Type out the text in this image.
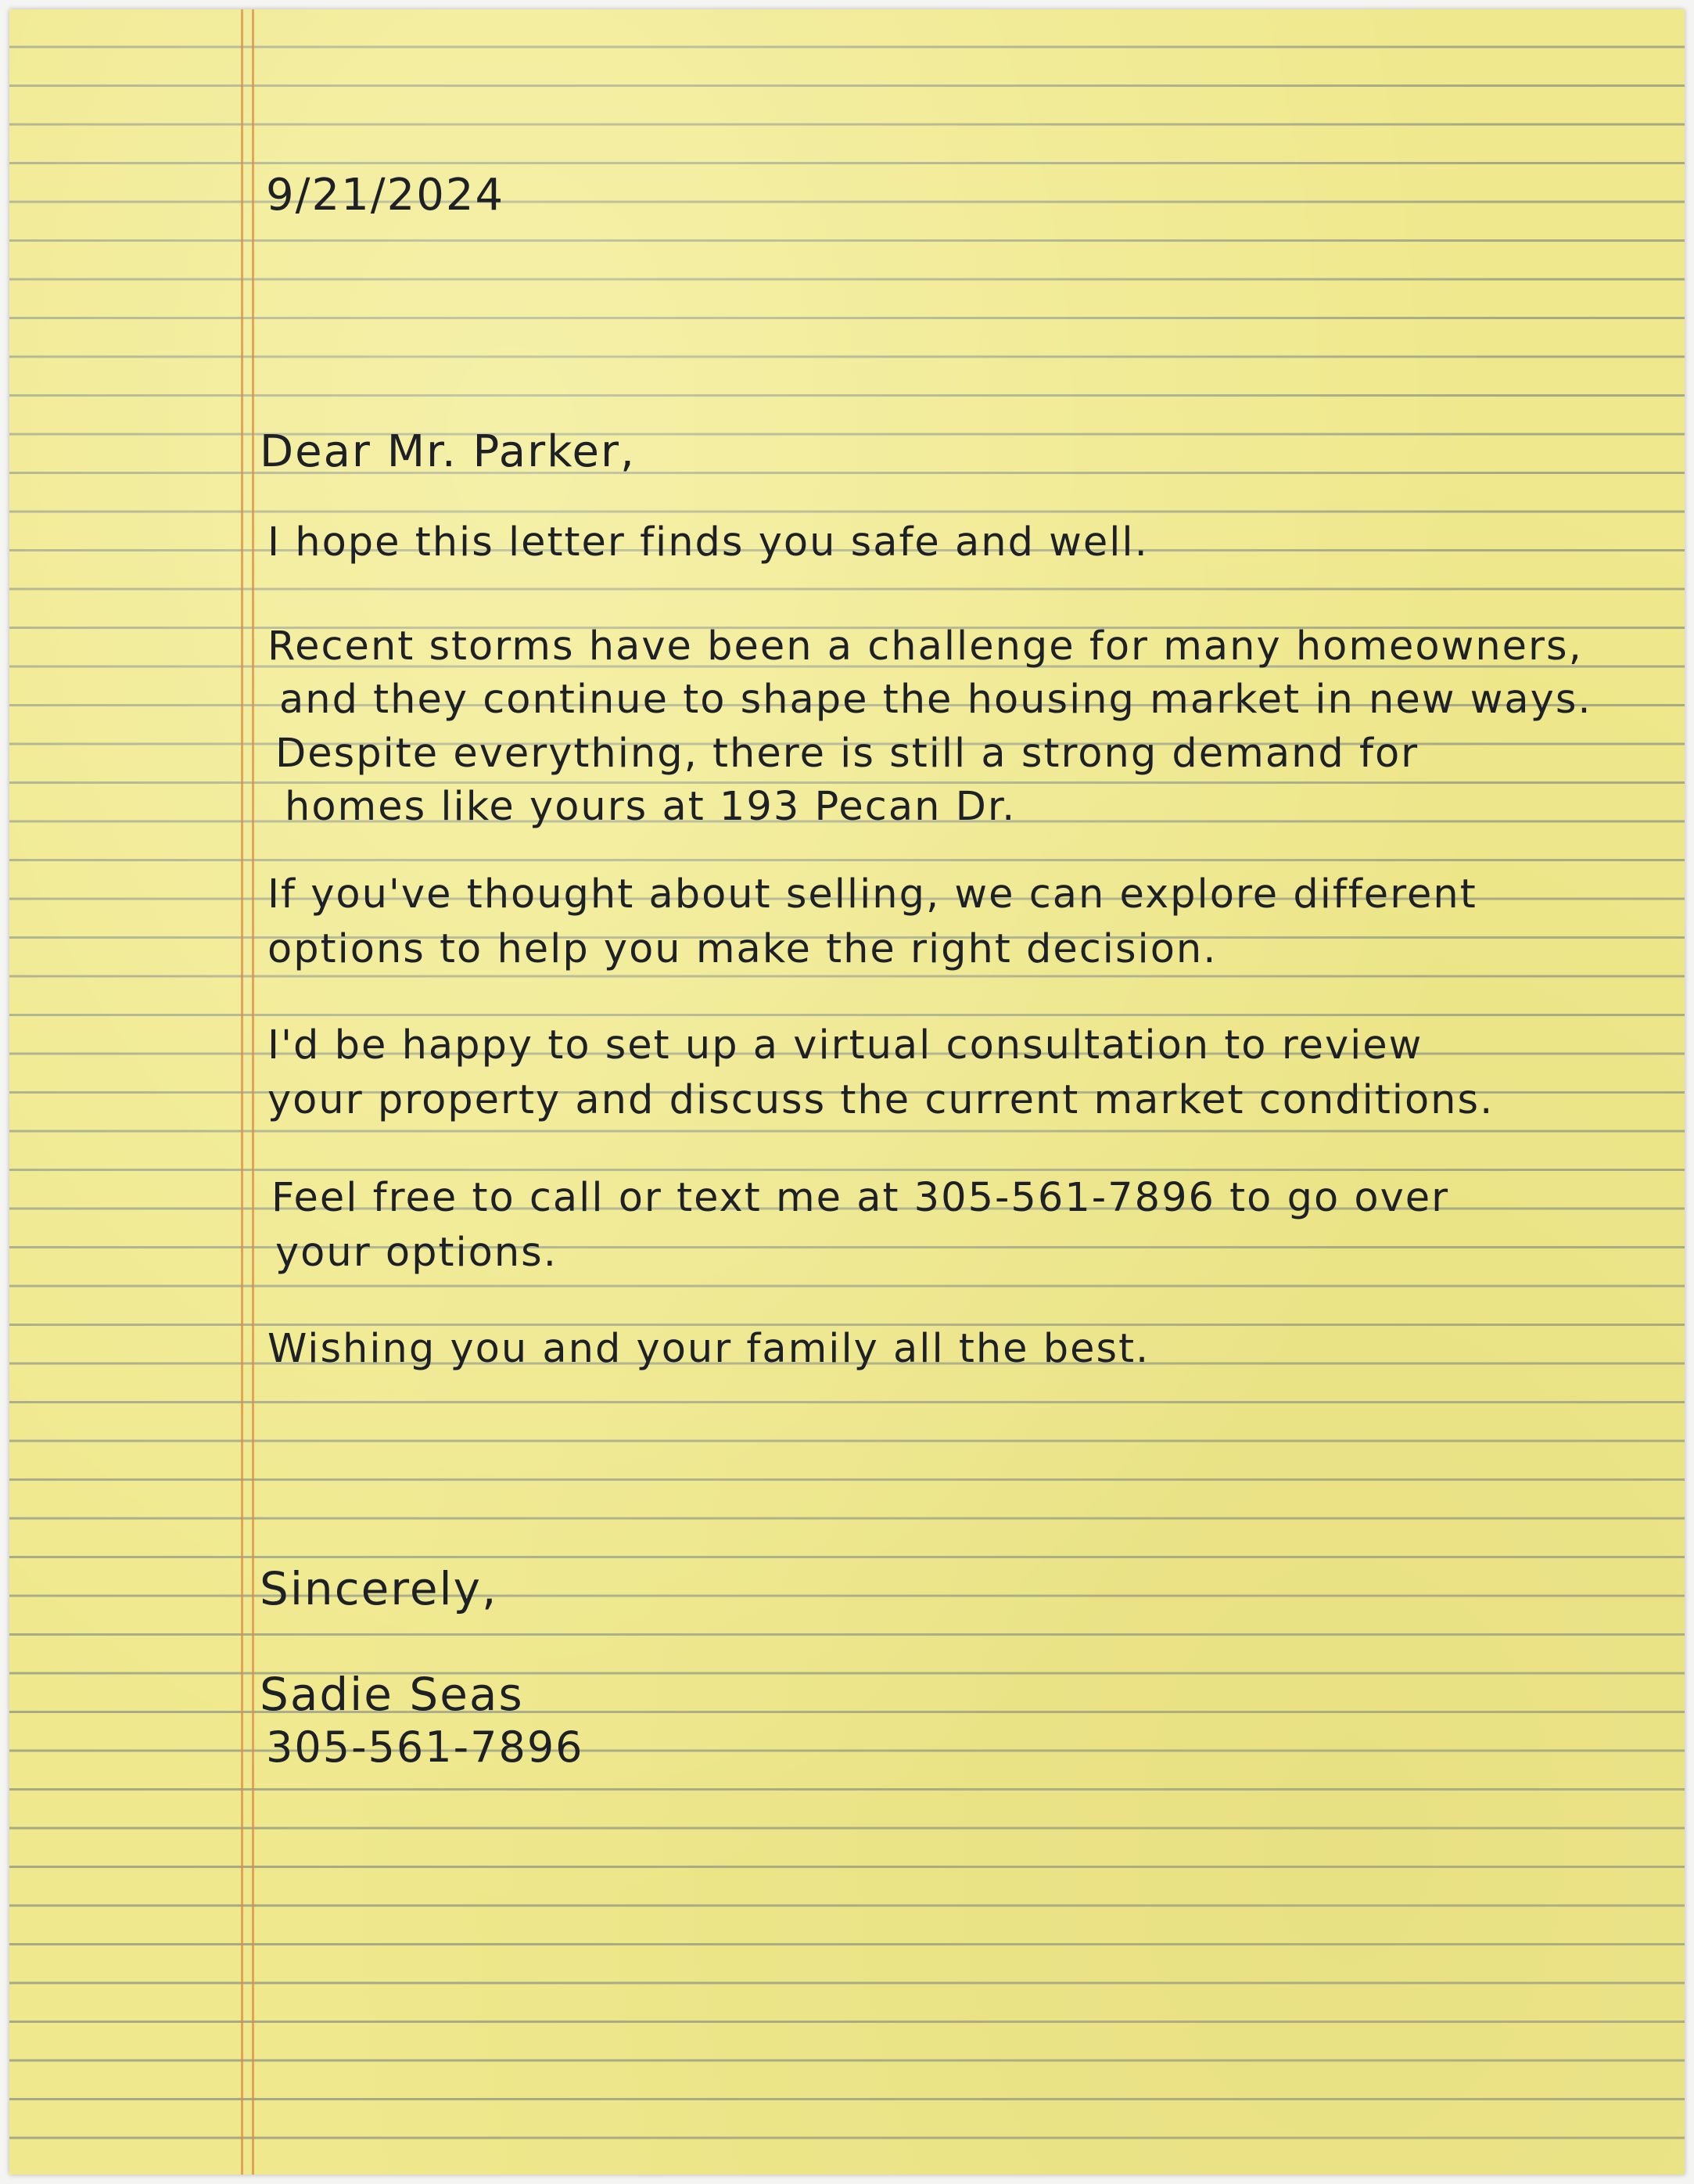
9/21/2024

Dear Mr. Parker,

I hope this letter finds you safe and well.

Recent storms have been a challenge for many homeowners,

and they continue to shape the housing market in new ways.

Despite everything, there is still a strong demand for

homes like yours at 193 Pecan Dr.

If you've thought about selling, we can explore different

options to help you make the right decision.

I'd be happy to set up a virtual consultation to review

your property and discuss the current market conditions.

Feel free to call or text me at 305-561-7896 to go over

your options.

Wishing you and your family all the best.

Sincerely,

Sadie Seas

305-561-7896
